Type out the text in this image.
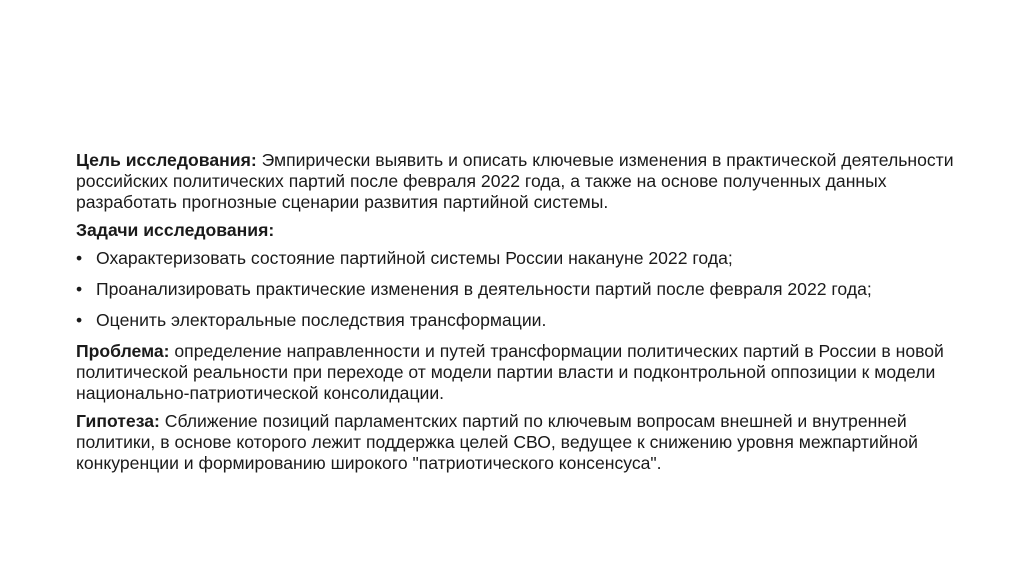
Цель исследования: Эмпирически выявить и описать ключевые изменения в практической деятельности российских политических партий после февраля 2022 года, а также на основе полученных данных разработать прогнозные сценарии развития партийной системы.

Задачи исследования:

• Охарактеризовать состояние партийной системы России накануне 2022 года;
• Проанализировать практические изменения в деятельности партий после февраля 2022 года;
• Оценить электоральные последствия трансформации.

Проблема: определение направленности и путей трансформации политических партий в России в новой политической реальности при переходе от модели партии власти и подконтрольной оппозиции к модели национально-патриотической консолидации.

Гипотеза: Сближение позиций парламентских партий по ключевым вопросам внешней и внутренней политики, в основе которого лежит поддержка целей СВО, ведущее к снижению уровня межпартийной конкуренции и формированию широкого "патриотического консенсуса".
